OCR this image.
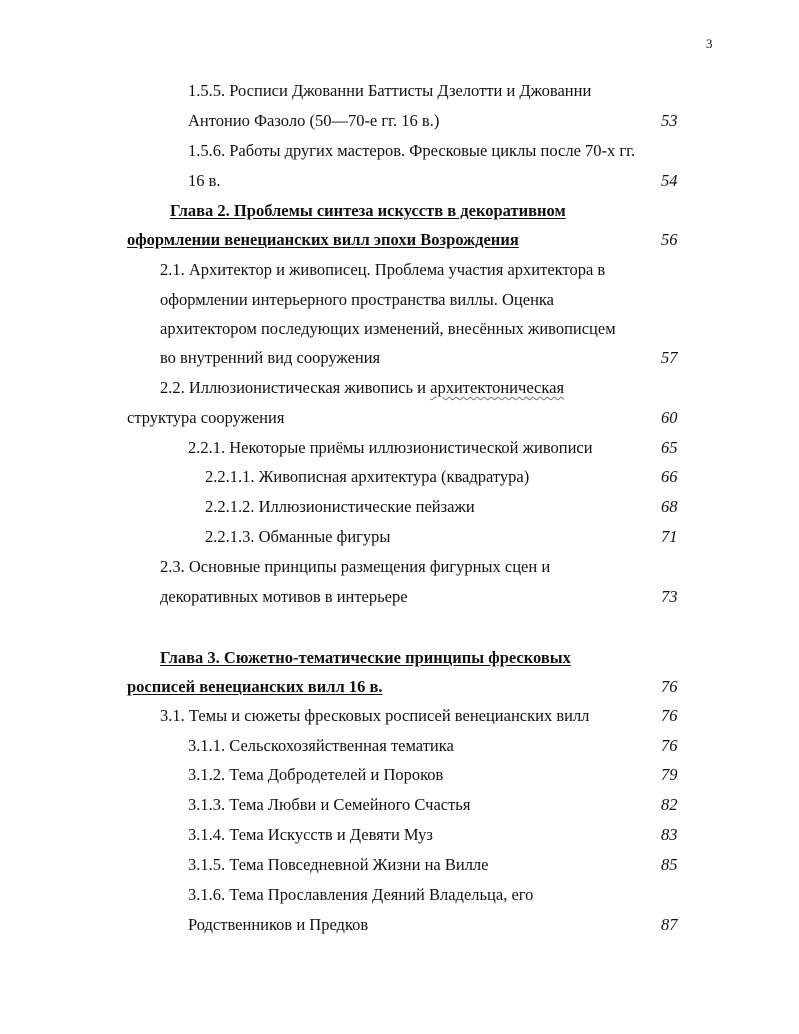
3
1.5.5. Росписи Джованни Баттисты Дзелотти и Джованни
Антонио Фазоло (50—70-е гг. 16 в.)	53
1.5.6. Работы других мастеров. Фресковые циклы после 70-х гг.
16 в.	54
Глава 2. Проблемы синтеза искусств в декоративном
оформлении венецианских вилл эпохи Возрождения	56
2.1. Архитектор и живописец. Проблема участия архитектора в
оформлении интерьерного пространства виллы. Оценка
архитектором последующих изменений, внесённых живописцем
во внутренний вид сооружения	57
2.2. Иллюзионистическая живопись и архитектоническая
структура сооружения	60
2.2.1. Некоторые приёмы иллюзионистической живописи	65
2.2.1.1. Живописная архитектура (квадратура)	66
2.2.1.2. Иллюзионистические пейзажи	68
2.2.1.3. Обманные фигуры	71
2.3. Основные принципы размещения фигурных сцен и
декоративных мотивов в интерьере	73
Глава 3. Сюжетно-тематические принципы фресковых
росписей венецианских вилл 16 в.	76
3.1. Темы и сюжеты фресковых росписей венецианских вилл	76
3.1.1. Сельскохозяйственная тематика	76
3.1.2. Тема Добродетелей и Пороков	79
3.1.3. Тема Любви и Семейного Счастья	82
3.1.4. Тема Искусств и Девяти Муз	83
3.1.5. Тема Повседневной Жизни на Вилле	85
3.1.6. Тема Прославления Деяний Владельца, его
Родственников и Предков	87
